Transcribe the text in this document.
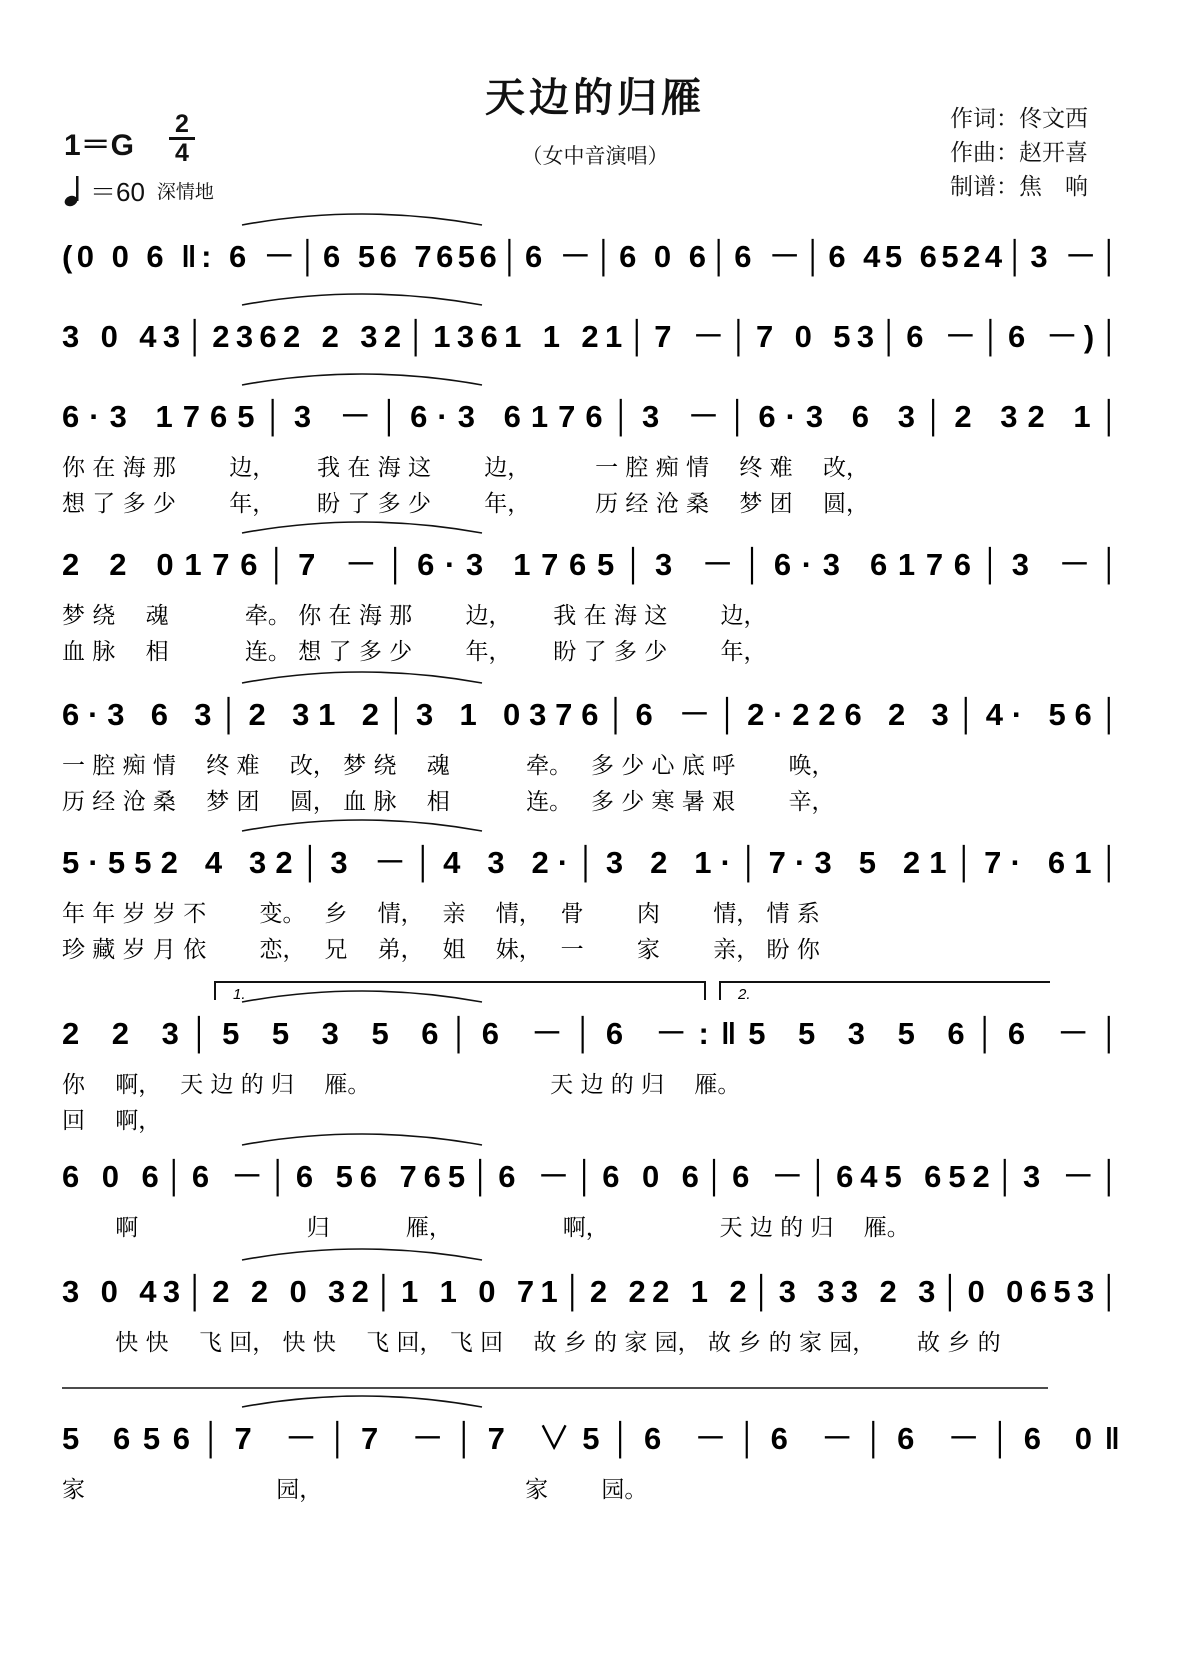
天边的归雁
（女中音演唱）
作词：佟文西
作曲：赵开喜
制谱：焦　响
1＝G
2
4
＝60 深情地
(0 0 6 ‖: 6 －│6 56 7656│6 －│6 0 6│6 －│6 45 6524│3 －│
3 0 43│2362 2 32│1361 1 21│7 －│7 0 53│6 －│6 －)│
6·3 1765│3 －│6·3 6176│3 －│6·3 6 3│2 32 1│
你 在 海 那　　 边，　　 我 在 海 这　　 边，　　　 一 腔 痴 情　 终 难　 改，
想 了 多 少　　 年，　　 盼 了 多 少　　 年，　　　 历 经 沧 桑　 梦 团　 圆，
2 2 0176│7 －│6·3 1765│3 －│6·3 6176│3 －│
梦 绕　 魂　　　 牵。 你 在 海 那　　 边，　　 我 在 海 这　　 边，
血 脉　 相　　　 连。 想 了 多 少　　 年，　　 盼 了 多 少　　 年，
6·3 6 3│2 31 2│3 1 0376│6 －│2·226 2 3│4· 56│
一 腔 痴 情　 终 难　 改， 梦 绕　 魂　　　 牵。　 多 少 心 底 呼　　 唤，
历 经 沧 桑　 梦 团　 圆， 血 脉　 相　　　 连。　 多 少 寒 暑 艰　　 辛，
5·552 4 32│3 －│4 3 2·│3 2 1·│7·3 5 21│7· 61│
年 年 岁 岁 不　　 变。　 乡　 情，　 亲　 情，　 骨　　 肉　　 情， 情 系
珍 藏 岁 月 依　　 恋，　 兄　 弟，　 姐　 妹，　 一　　 家　　 亲， 盼 你
2 2 3│5 5 3 5 6│6 －│6 －:‖5 5 3 5 6│6 －│
1.	2.
你　 啊，　 天 边 的 归　 雁。　　　　　　　　 天 边 的 归　 雁。
回　 啊，
6 0 6│6 －│6 56 765│6 －│6 0 6│6 －│645 652│3 －│
　　 啊　　　　　　　 归　　　 雁，　　　　　 啊，　　　　　 天 边 的 归　 雁。
3 0 43│2 2 0 32│1 1 0 71│2 22 1 2│3 33 2 3│0 0653│
　　 快 快　 飞 回， 快 快　 飞 回， 飞 回　 故 乡 的 家 园， 故 乡 的 家 园，　　 故 乡 的
5 656│7 －│7 －│7 ∨5│6 －│6 －│6 －│6 0‖
家　　　　　　　　 园，　　　　　　　　　 家　　 园。
